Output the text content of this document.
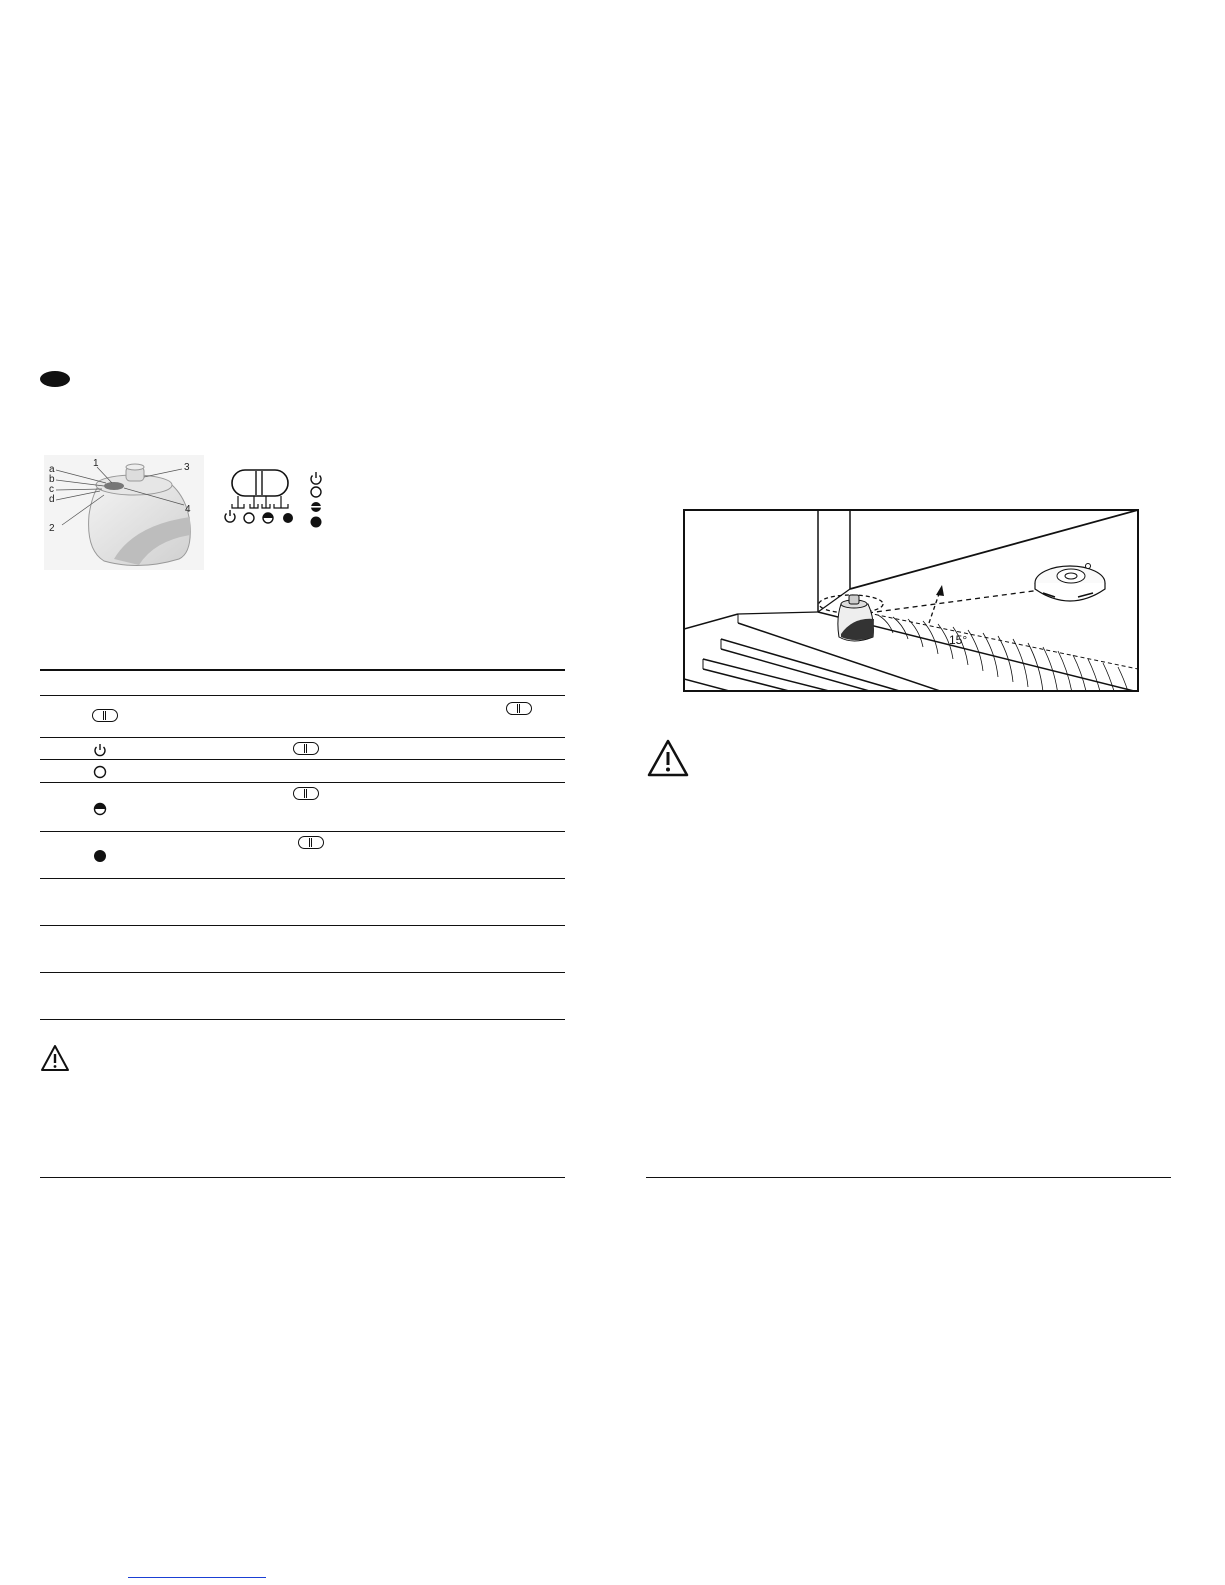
a
b
c
d
1
2
3
4
15°
